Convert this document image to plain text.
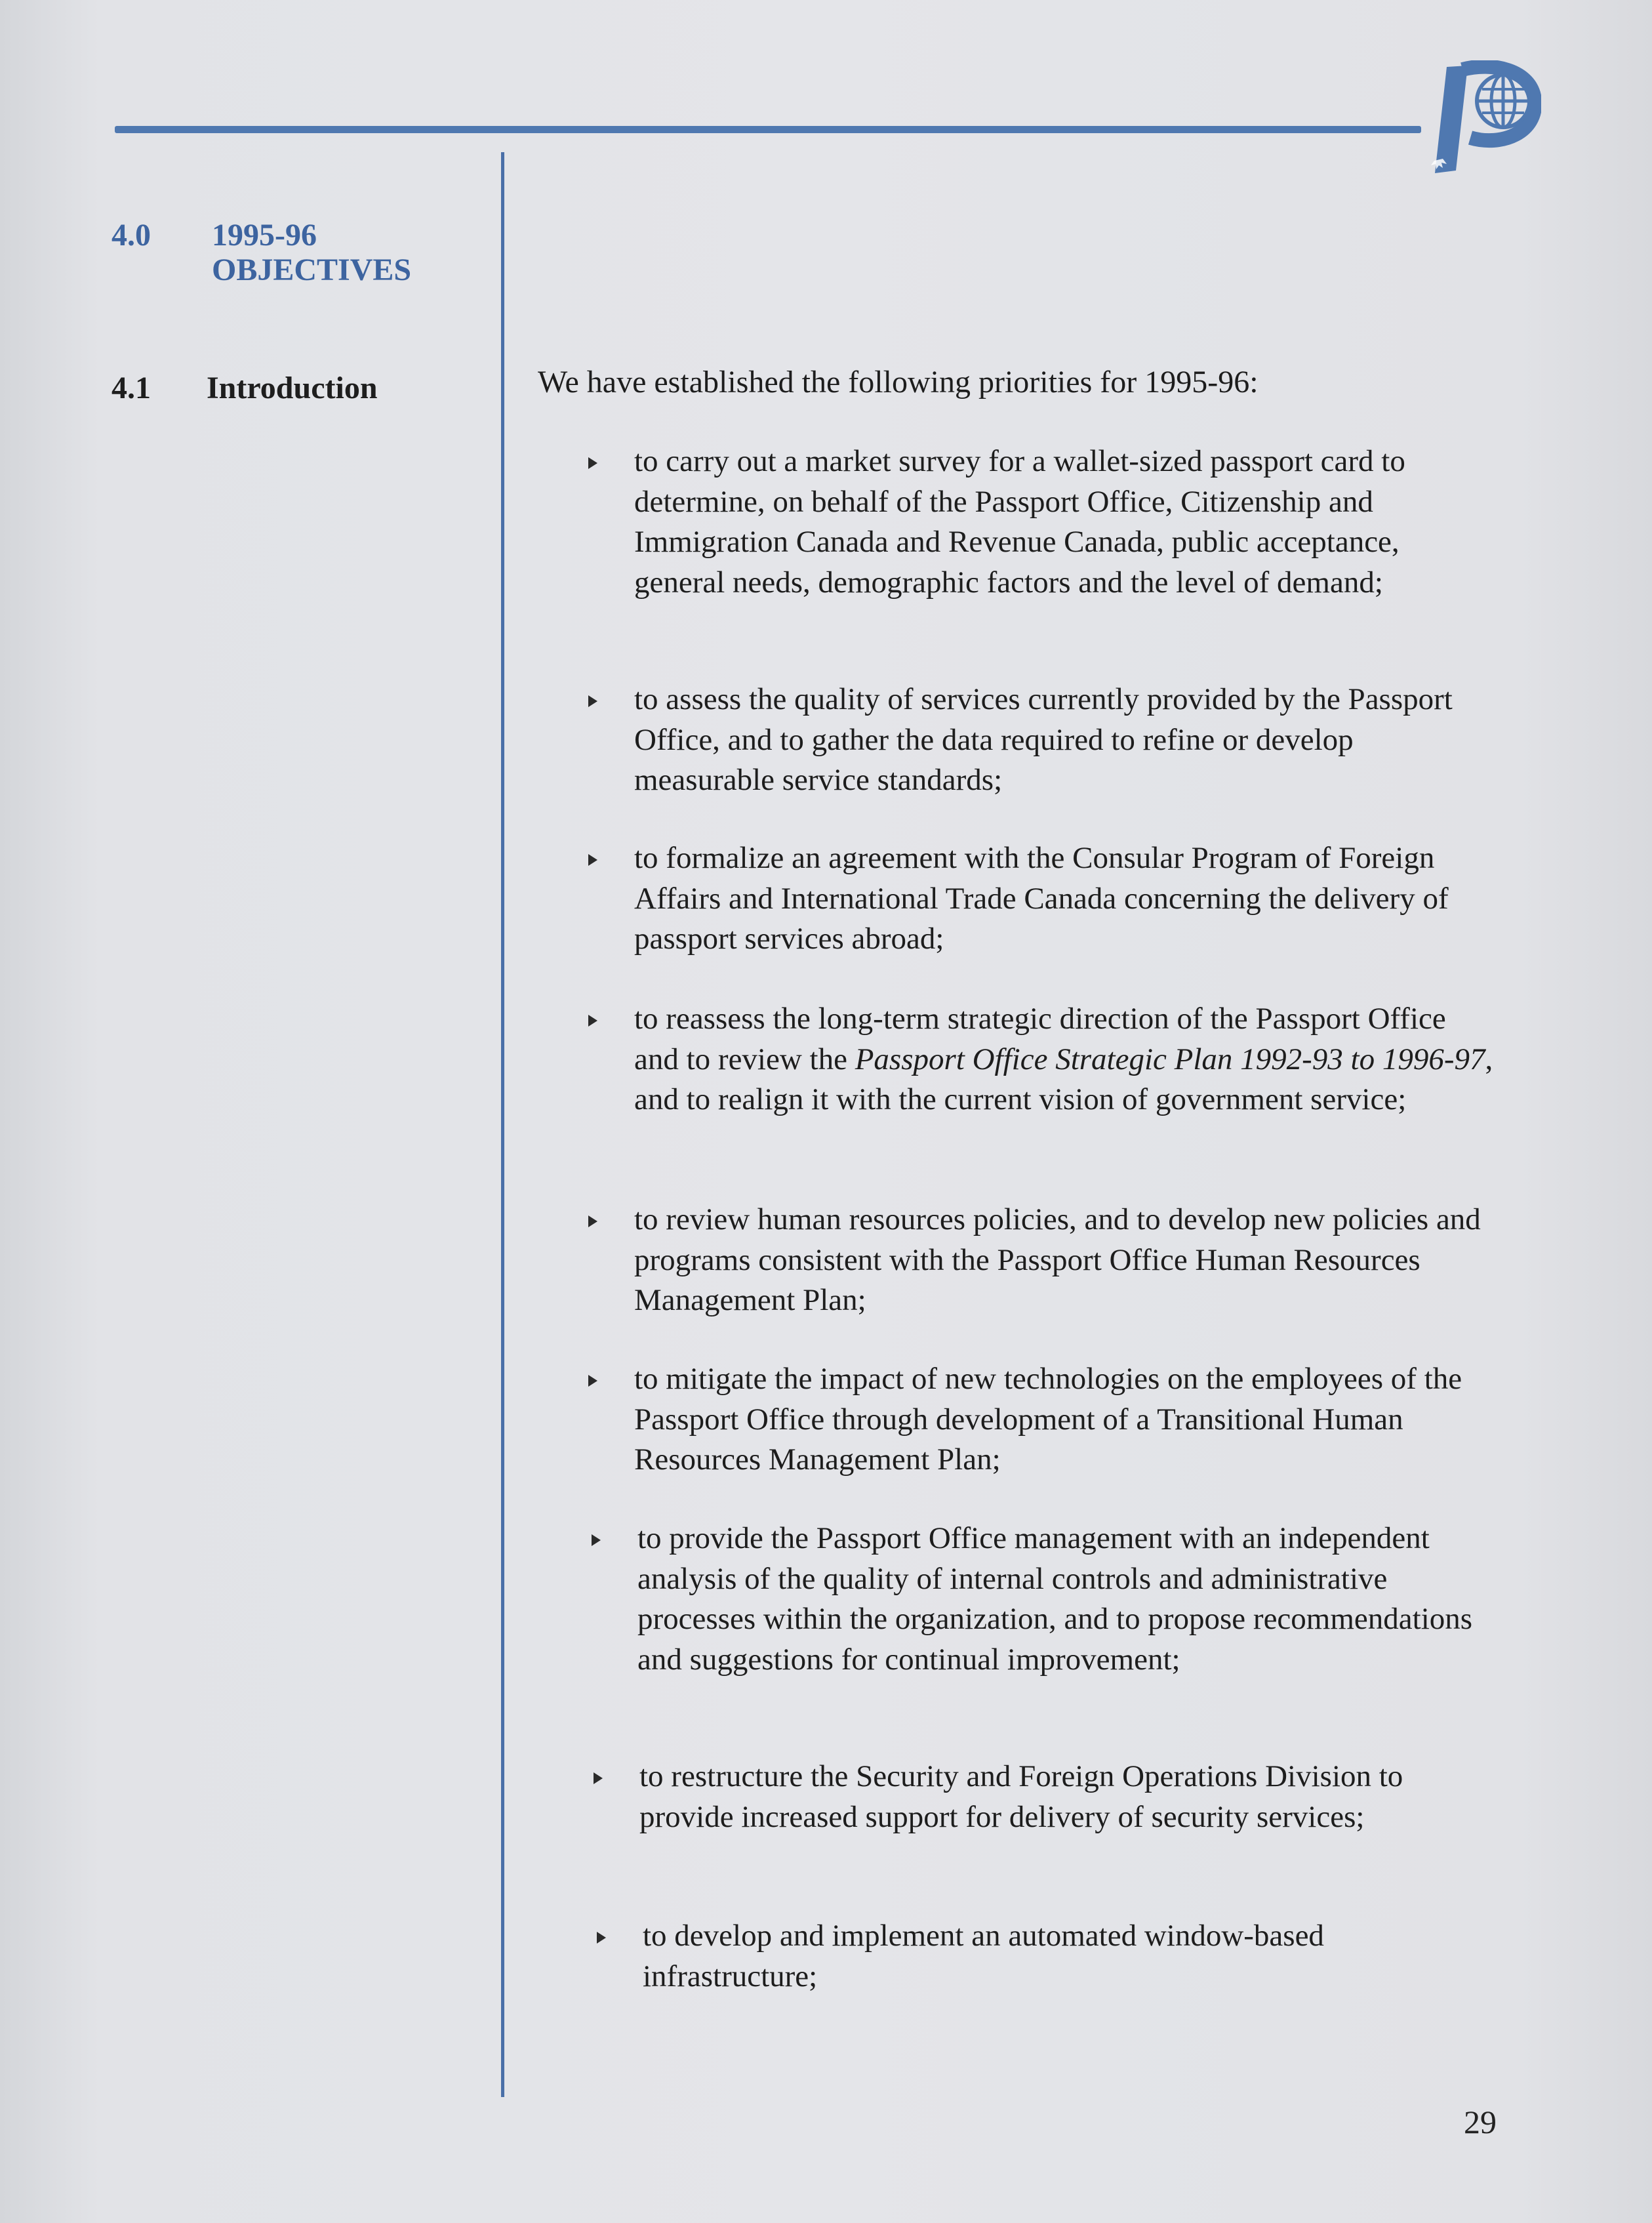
4.0 1995-96
OBJECTIVES
4.1 Introduction	We have established the following priorities for 1995-96:
to carry out a market survey for a wallet-sized passport card to determine, on behalf of the Passport Office, Citizenship and Immigration Canada and Revenue Canada, public acceptance, general needs, demographic factors and the level of demand;
to assess the quality of services currently provided by the Passport Office, and to gather the data required to refine or develop measurable service standards;
to formalize an agreement with the Consular Program of Foreign Affairs and International Trade Canada concerning the delivery of passport services abroad;
to reassess the long-term strategic direction of the Passport Office and to review the Passport Office Strategic Plan 1992-93 to 1996-97, and to realign it with the current vision of government service;
to review human resources policies, and to develop new policies and programs consistent with the Passport Office Human Resources Management Plan;
to mitigate the impact of new technologies on the employees of the Passport Office through development of a Transitional Human Resources Management Plan;
to provide the Passport Office management with an independent analysis of the quality of internal controls and administrative processes within the organization, and to propose recommendations and suggestions for continual improvement;
to restructure the Security and Foreign Operations Division to provide increased support for delivery of security services;
to develop and implement an automated window-based infrastructure;
29
